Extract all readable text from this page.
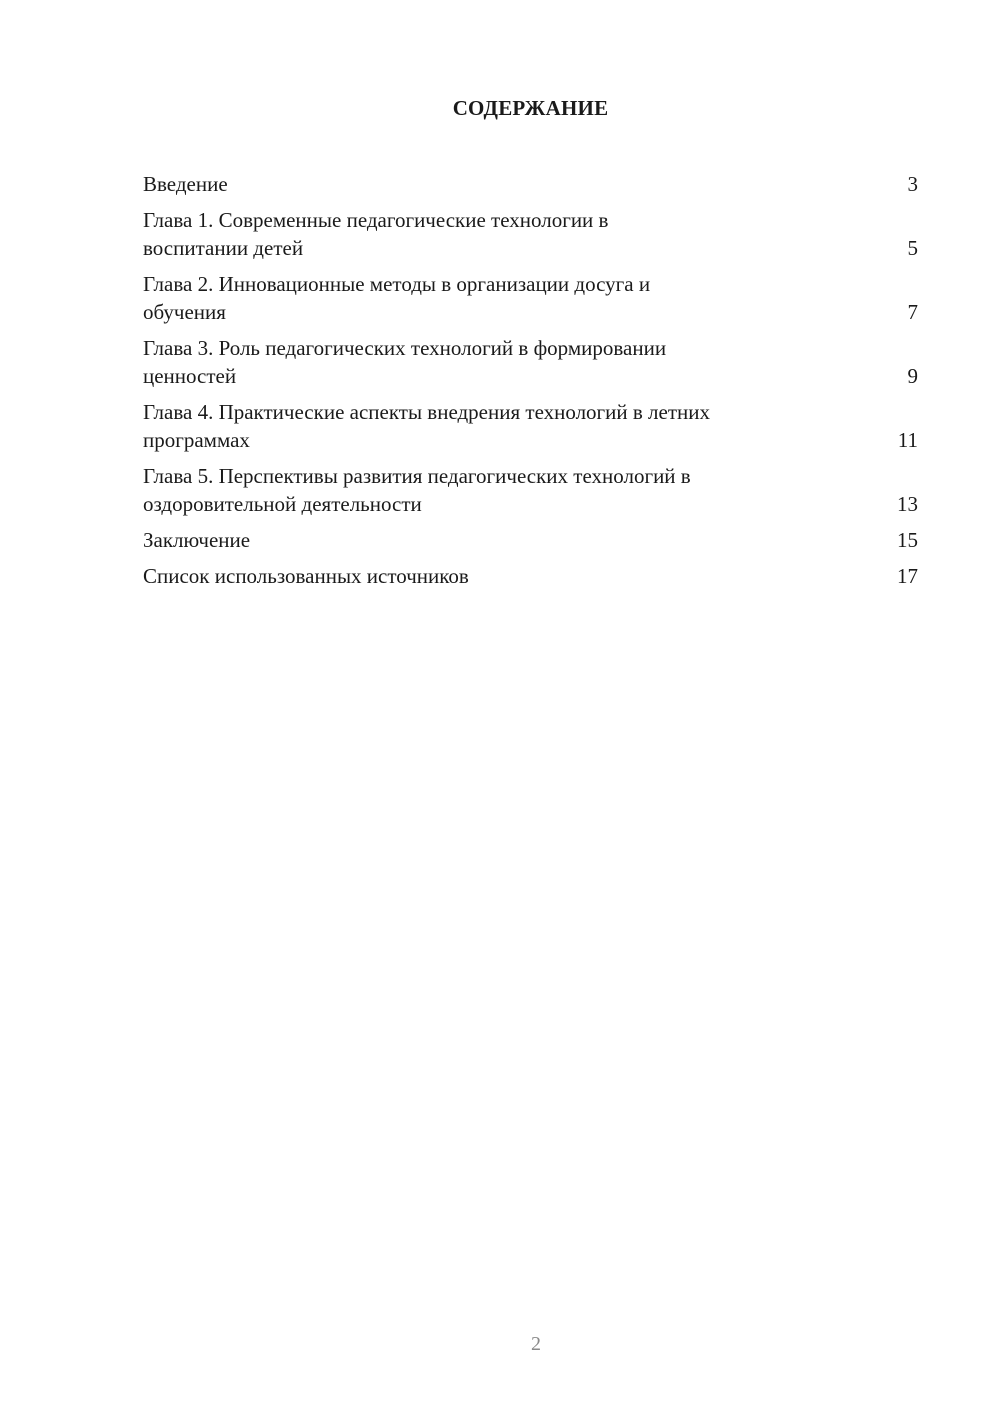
СОДЕРЖАНИЕ
Введение	3
Глава 1. Современные педагогические технологии в
воспитании детей	5
Глава 2. Инновационные методы в организации досуга и
обучения	7
Глава 3. Роль педагогических технологий в формировании
ценностей	9
Глава 4. Практические аспекты внедрения технологий в летних
программах	11
Глава 5. Перспективы развития педагогических технологий в
оздоровительной деятельности	13
Заключение	15
Список использованных источников	17
2
